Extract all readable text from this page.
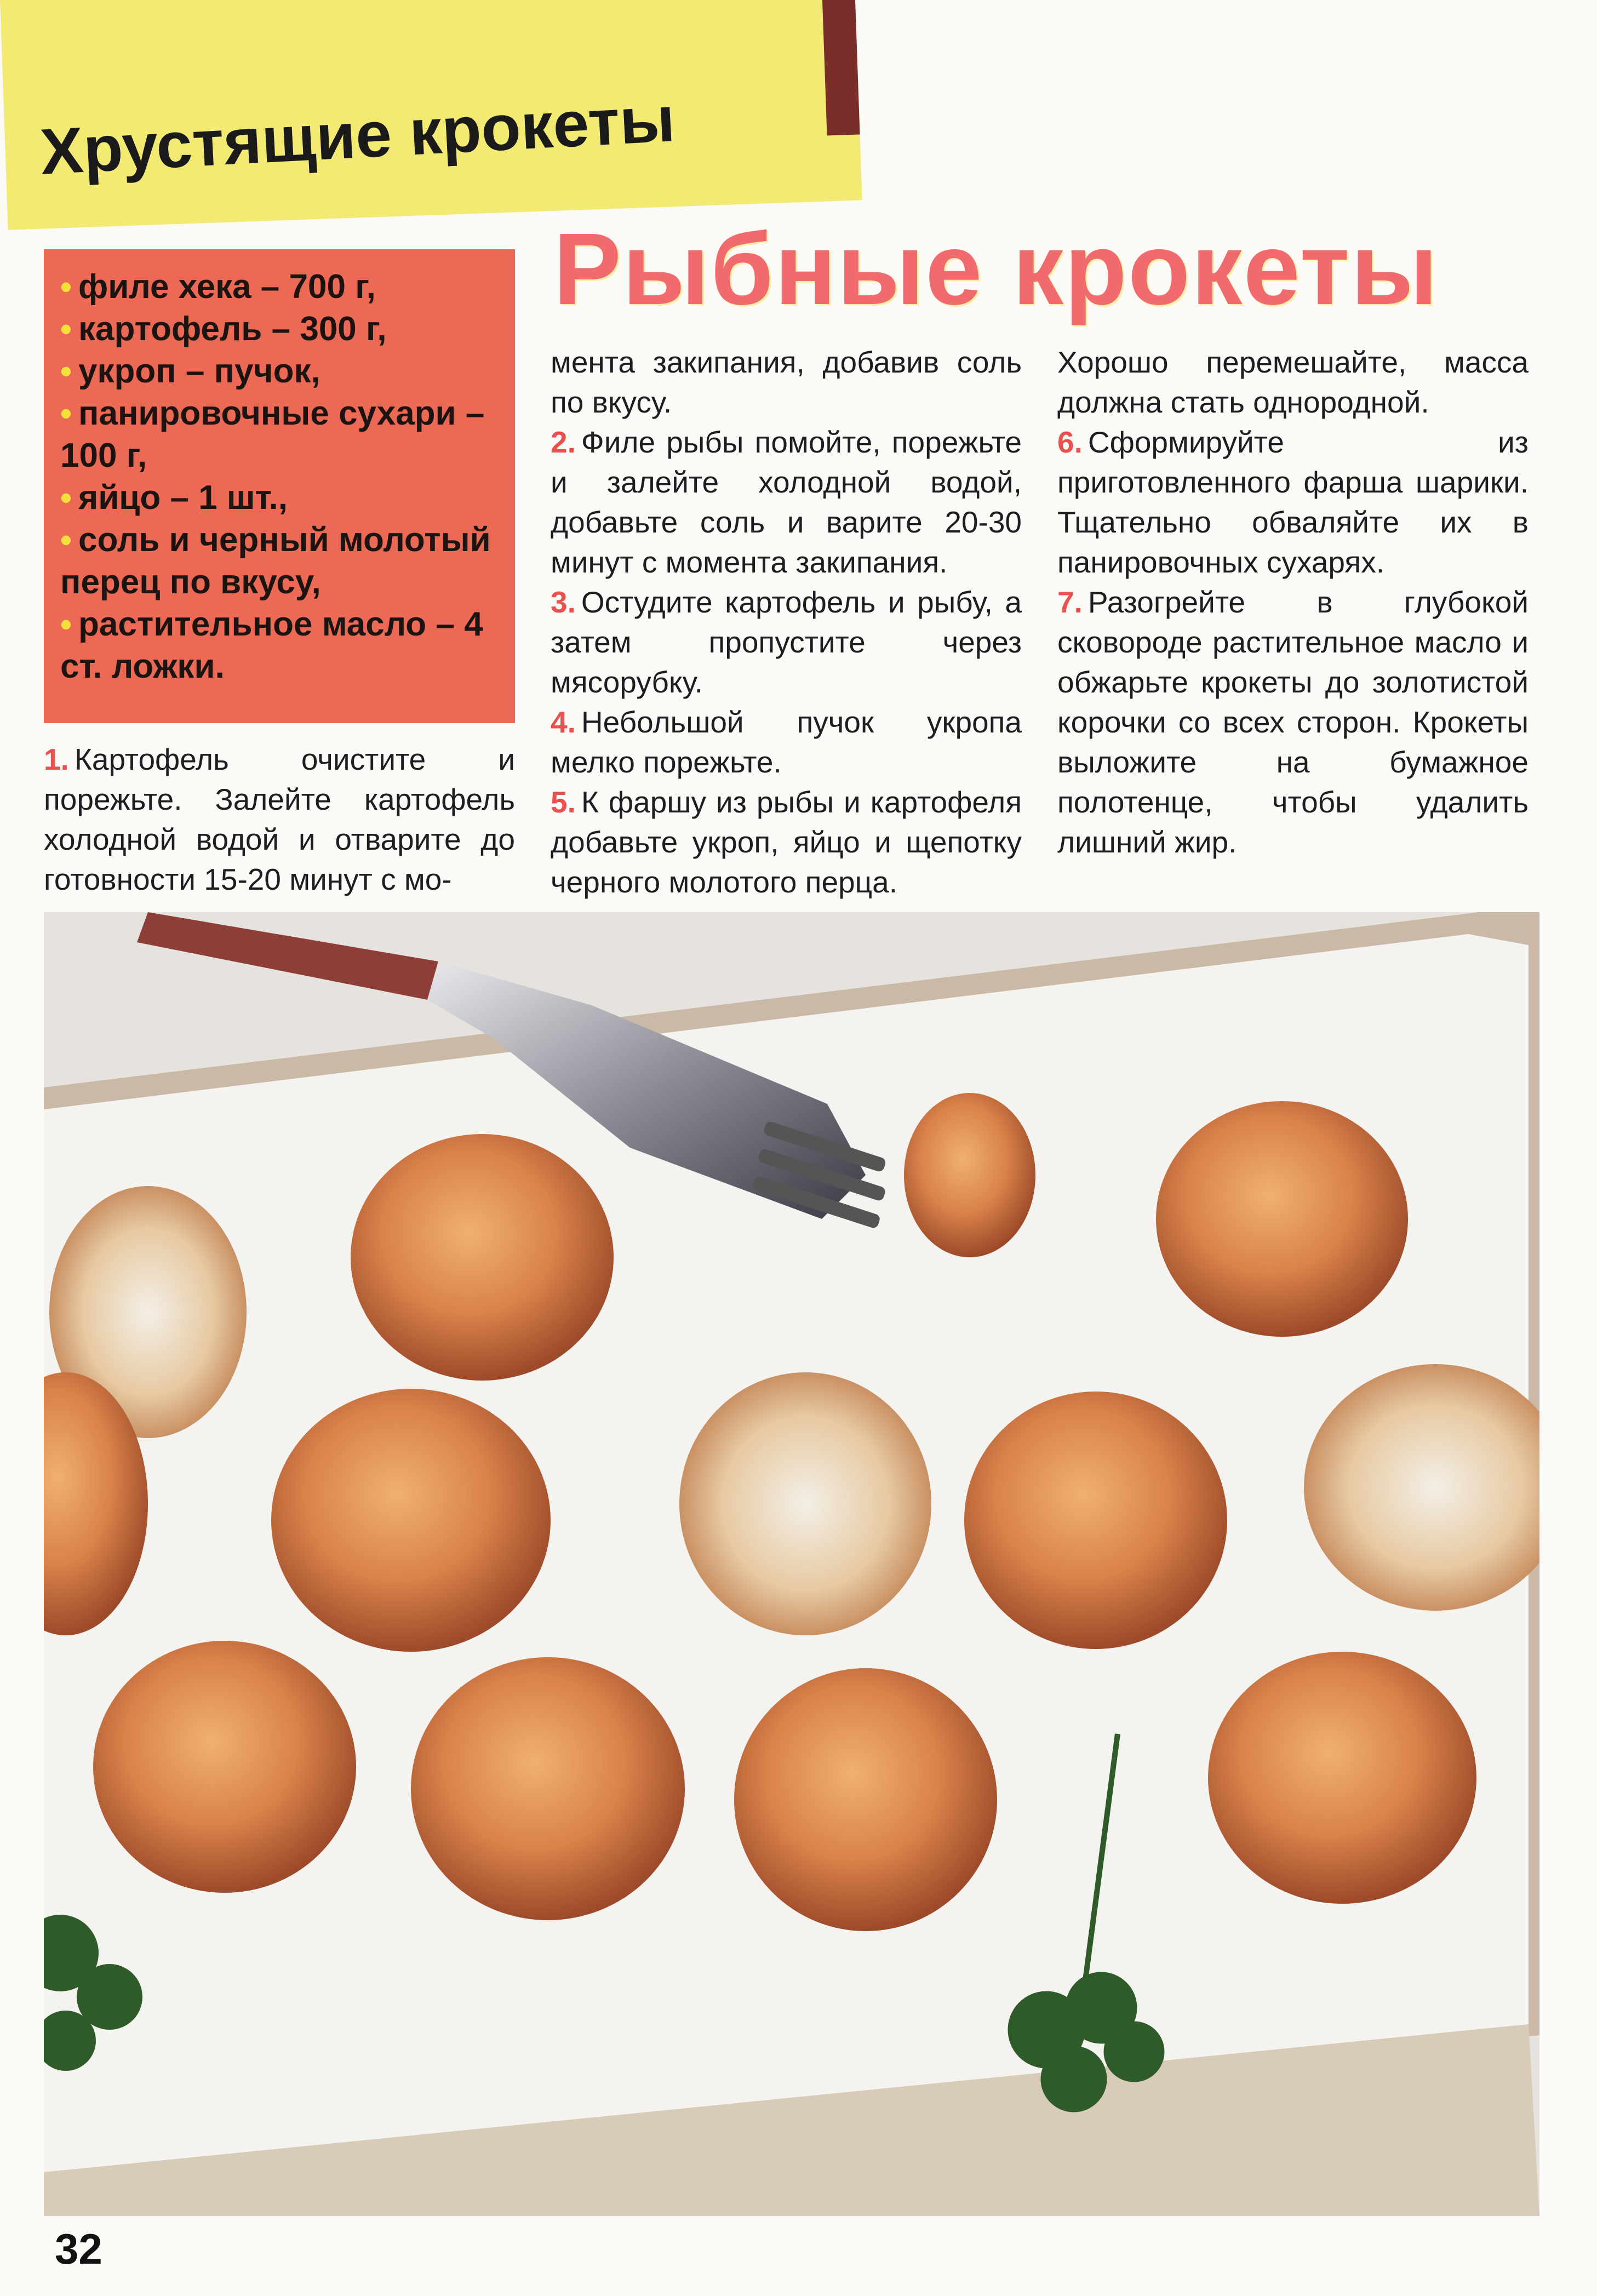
Хрустящие крокеты
Рыбные крокеты
• филе хека – 700 г,
• картофель – 300 г,
• укроп – пучок,
• панировочные сухари – 100 г,
• яйцо – 1 шт.,
• соль и черный молотый перец по вкусу,
• растительное масло – 4 ст. ложки.

1. Картофель очистите и порежьте. Залейте картофель холодной водой и отварите до готовности 15-20 минут с мо-

мента закипания, добавив соль по вкусу.

2. Филе рыбы помойте, порежьте и залейте холодной водой, добавьте соль и варите 20-30 минут с момента закипания.

3. Остудите картофель и рыбу, а затем пропустите через мясорубку.

4. Небольшой пучок укропа мелко порежьте.

5. К фаршу из рыбы и картофеля добавьте укроп, яйцо и щепотку черного молотого перца.

Хорошо перемешайте, масса должна стать однородной.

6. Сформируйте из приготовленного фарша шарики. Тщательно обваляйте их в панировочных сухарях.

7. Разогрейте в глубокой сковороде растительное масло и обжарьте крокеты до золотистой корочки со всех сторон. Крокеты выложите на бумажное полотенце, чтобы удалить лишний жир.

32
